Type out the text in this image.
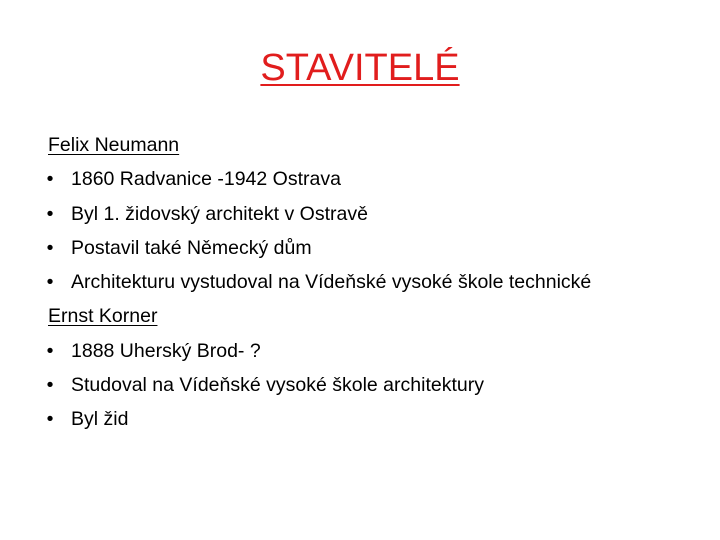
STAVITELÉ
Felix Neumann
• 1860 Radvanice -1942 Ostrava
• Byl 1. židovský architekt v Ostravě
• Postavil také Německý dům
• Architekturu vystudoval na Vídeňské vysoké škole technické
Ernst Korner
• 1888 Uherský Brod- ?
• Studoval na Vídeňské vysoké škole architektury
• Byl žid
